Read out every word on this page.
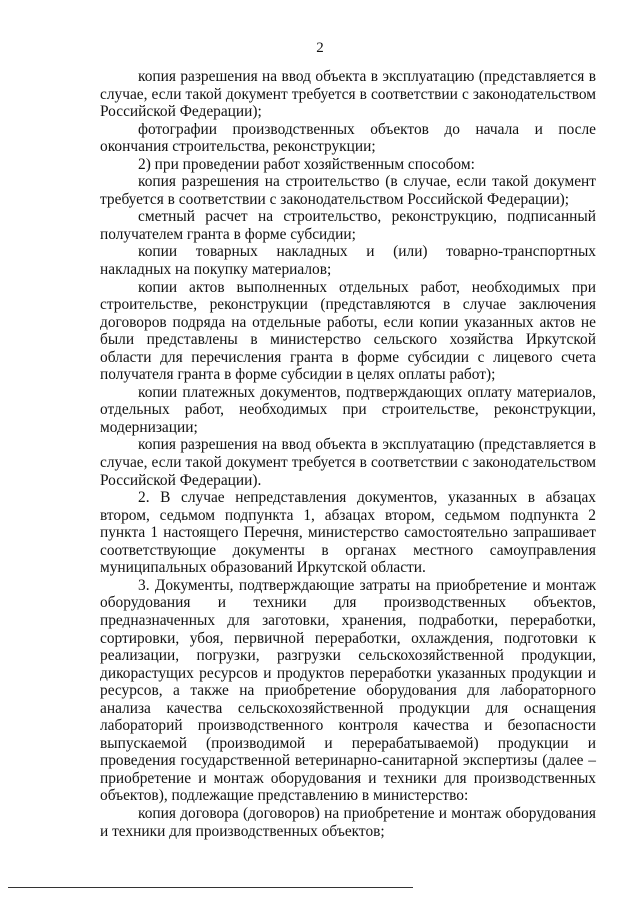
2

копия разрешения на ввод объекта в эксплуатацию (представляется в случае, если такой документ требуется в соответствии с законодательством Российской Федерации);

фотографии производственных объектов до начала и после окончания строительства, реконструкции;

2) при проведении работ хозяйственным способом:

копия разрешения на строительство (в случае, если такой документ требуется в соответствии с законодательством Российской Федерации);

сметный расчет на строительство, реконструкцию, подписанный получателем гранта в форме субсидии;

копии товарных накладных и (или) товарно-транспортных накладных на покупку материалов;

копии актов выполненных отдельных работ, необходимых при строительстве, реконструкции (представляются в случае заключения договоров подряда на отдельные работы, если копии указанных актов не были представлены в министерство сельского хозяйства Иркутской области для перечисления гранта в форме субсидии с лицевого счета получателя гранта в форме субсидии в целях оплаты работ);

копии платежных документов, подтверждающих оплату материалов, отдельных работ, необходимых при строительстве, реконструкции, модернизации;

копия разрешения на ввод объекта в эксплуатацию (представляется в случае, если такой документ требуется в соответствии с законодательством Российской Федерации).

2. В случае непредставления документов, указанных в абзацах втором, седьмом подпункта 1, абзацах втором, седьмом подпункта 2 пункта 1 настоящего Перечня, министерство самостоятельно запрашивает соответствующие документы в органах местного самоуправления муниципальных образований Иркутской области.

3. Документы, подтверждающие затраты на приобретение и монтаж оборудования и техники для производственных объектов, предназначенных для заготовки, хранения, подработки, переработки, сортировки, убоя, первичной переработки, охлаждения, подготовки к реализации, погрузки, разгрузки сельскохозяйственной продукции, дикорастущих ресурсов и продуктов переработки указанных продукции и ресурсов, а также на приобретение оборудования для лабораторного анализа качества сельскохозяйственной продукции для оснащения лабораторий производственного контроля качества и безопасности выпускаемой (производимой и перерабатываемой) продукции и проведения государственной ветеринарно-санитарной экспертизы (далее – приобретение и монтаж оборудования и техники для производственных объектов), подлежащие представлению в министерство:

копия договора (договоров) на приобретение и монтаж оборудования и техники для производственных объектов;
